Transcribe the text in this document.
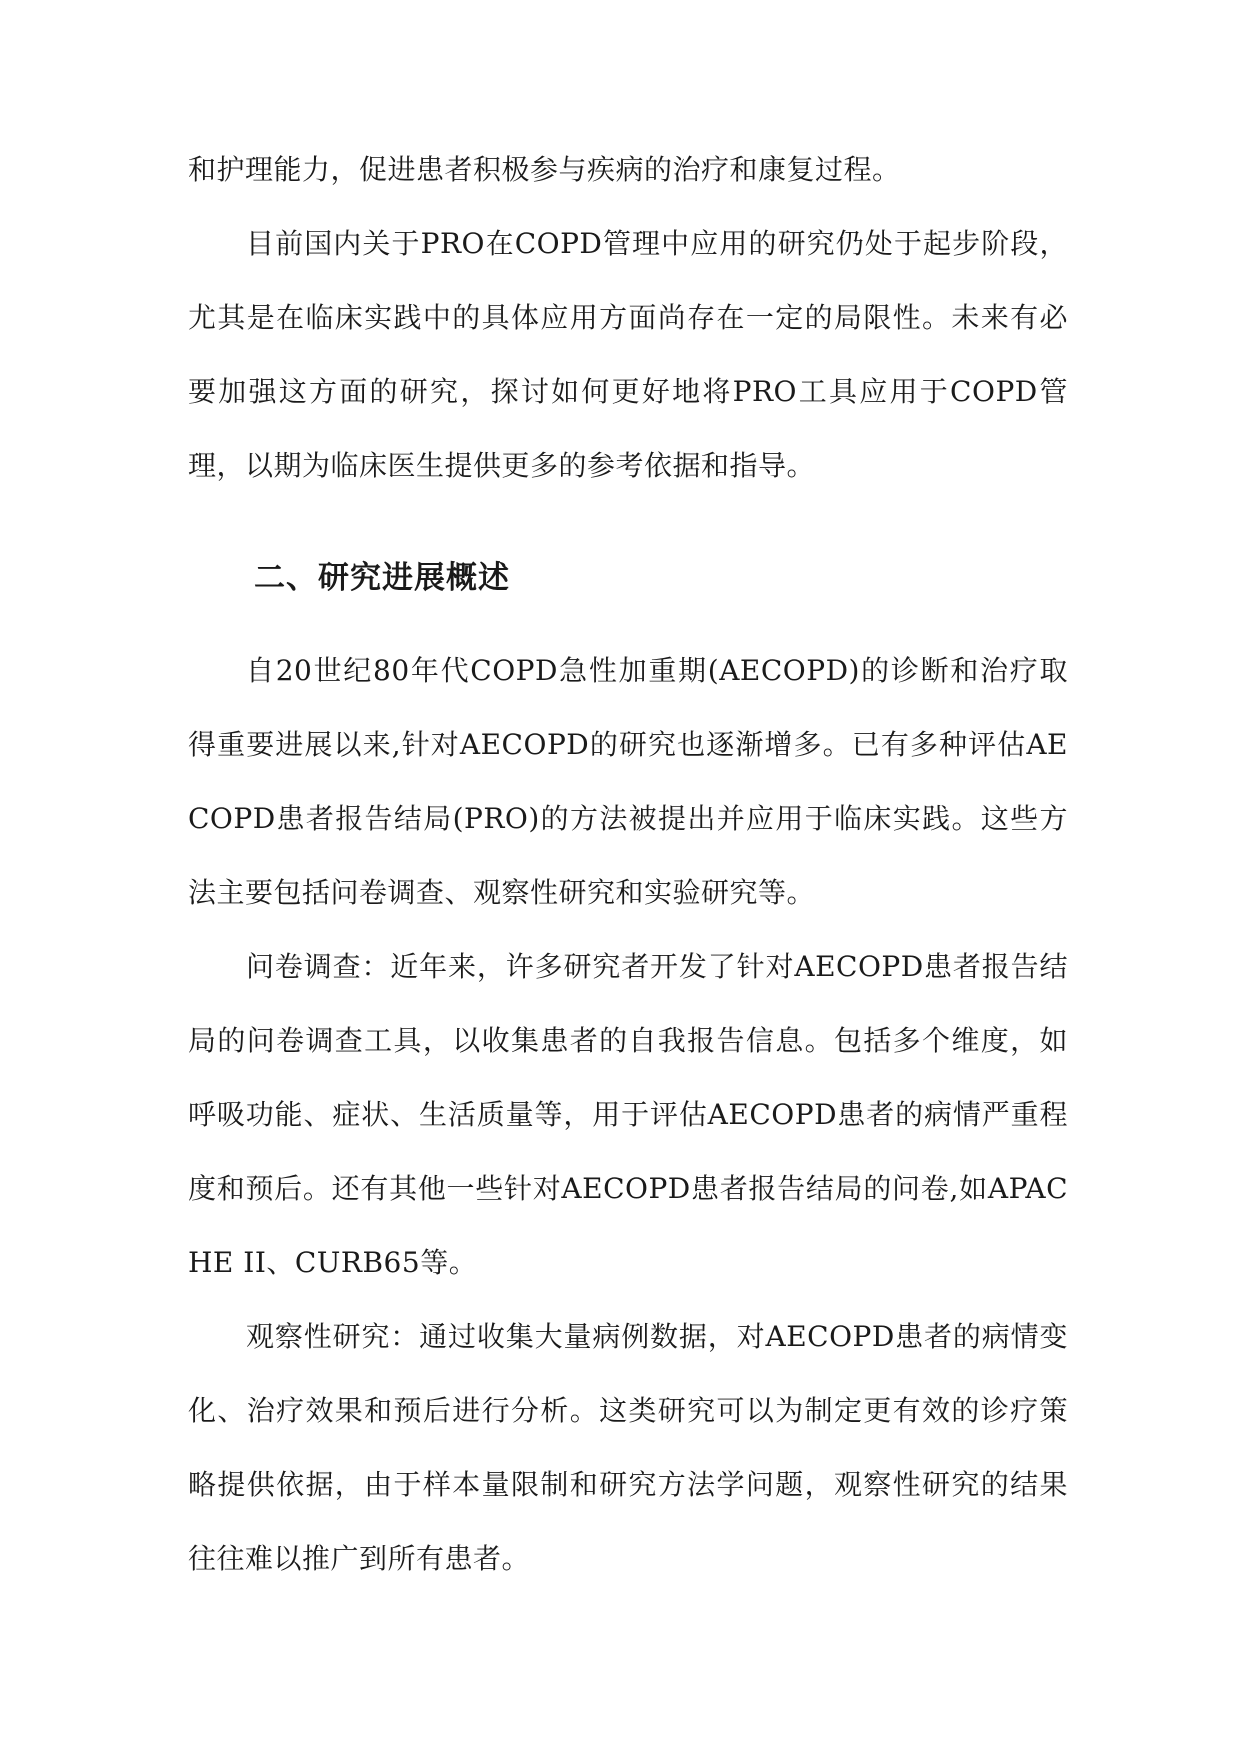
和护理能力，促进患者积极参与疾病的治疗和康复过程。

目前国内关于PRO在COPD管理中应用的研究仍处于起步阶段，尤其是在临床实践中的具体应用方面尚存在一定的局限性。未来有必要加强这方面的研究，探讨如何更好地将PRO工具应用于COPD管理，以期为临床医生提供更多的参考依据和指导。

二、研究进展概述

自20世纪80年代COPD急性加重期(AECOPD)的诊断和治疗取得重要进展以来,针对AECOPD的研究也逐渐增多。已有多种评估AECOPD患者报告结局(PRO)的方法被提出并应用于临床实践。这些方法主要包括问卷调查、观察性研究和实验研究等。

问卷调查：近年来，许多研究者开发了针对AECOPD患者报告结局的问卷调查工具，以收集患者的自我报告信息。包括多个维度，如呼吸功能、症状、生活质量等，用于评估AECOPD患者的病情严重程度和预后。还有其他一些针对AECOPD患者报告结局的问卷,如APACHE II、CURB65等。

观察性研究：通过收集大量病例数据，对AECOPD患者的病情变化、治疗效果和预后进行分析。这类研究可以为制定更有效的诊疗策略提供依据，由于样本量限制和研究方法学问题，观察性研究的结果往往难以推广到所有患者。
